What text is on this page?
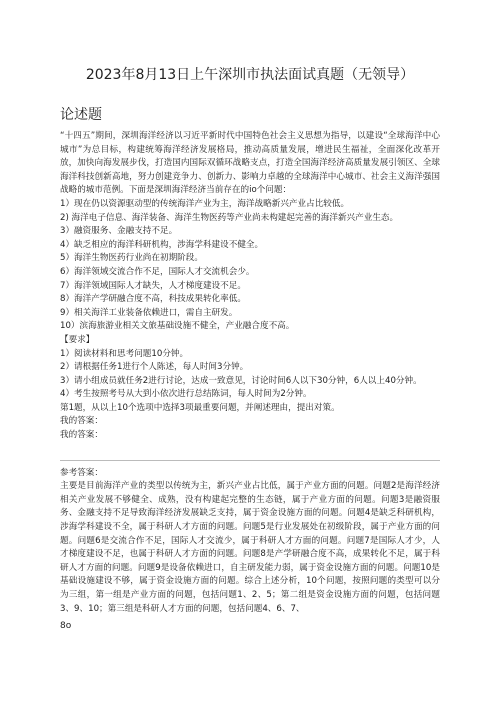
2023年8月13日上午深圳市执法面试真题（无领导）
论述题

“十四五”期间，深圳海洋经济以习近平新时代中国特色社会主义思想为指导，以建设“全球海洋中心城市”为总目标，构建统筹海洋经济发展格局，推动高质量发展，增进民生福祉，全面深化改革开放，加快向海发展步伐，打造国内国际双循环战略支点，打造全国海洋经济高质量发展引领区、全球海洋科技创新高地，努力创建竞争力、创新力、影响力卓越的全球海洋中心城市、社会主义海洋强国战略的城市范例。下面是深圳海洋经济当前存在的io个问题：

1）现在仍以资源驱动型的传统海洋产业为主，海洋战略新兴产业占比较低。

2) 海洋电子信息、海洋装备、海洋生物医药等产业尚未构建起完善的海洋新兴产业生态。

3）融资服务、金融支持不足。

4）缺乏相应的海洋科研机构，涉海学科建设不健全。

5）海洋生物医药行业尚在初期阶段。

6）海洋领域交流合作不足，国际人才交流机会少。

7）海洋领域国际人才缺失，人才梯度建设不足。

8）海洋产学研融合度不高，科技成果转化率低。

9）相关海洋工业装备依赖进口，需自主研发。

10）滨海旅游业相关文旅基础设施不健全，产业融合度不高。

【要求】

1）阅读材料和思考问题10分钟。

2）请根据任务1进行个人陈述，每人时间3分钟。

3）请小组成员就任务2进行讨论，达成一致意见，讨论时间6人以下30分钟，6人以上40分钟。

4）考生按照考号从大到小依次进行总结陈词，每人时间为2分钟。

第1题，从以上10个选项中选择3项最重要问题，并阐述理由，提出对策。

我的答案：

我的答案：

参考答案：

主要是目前海洋产业的类型以传统为主，新兴产业占比低，属于产业方面的问题。问题2是海洋经济相关产业发展不够健全、成熟，没有构建起完整的生态链，属于产业方面的问题。问题3是融资服务、金融支持不足导致海洋经济发展缺乏支持，属于资金设施方面的问题。问题4是缺乏科研机构，涉海学科建设不全，属于科研人才方面的问题。问题5是行业发展处在初级阶段，属于产业方面的问题。问题6是交流合作不足，国际人才交流少，属于科研人才方面的问题。问题7是国际人才少，人才梯度建设不足，也属于科研人才方面的问题。问题8是产学研融合度不高，成果转化不足，属于科研人才方面的问题。问题9是设备依赖进口，自主研发能力弱，属于资金设施方面的问题。问题10是基础设施建设不够，属于资金设施方面的问题。综合上述分析，10个问题，按照问题的类型可以分为三组，第一组是产业方面的问题，包括问题1、2、5；第二组是资金设施方面的问题，包括问题3、9、10；第三组是科研人才方面的问题，包括问题4、6、7、

8o
